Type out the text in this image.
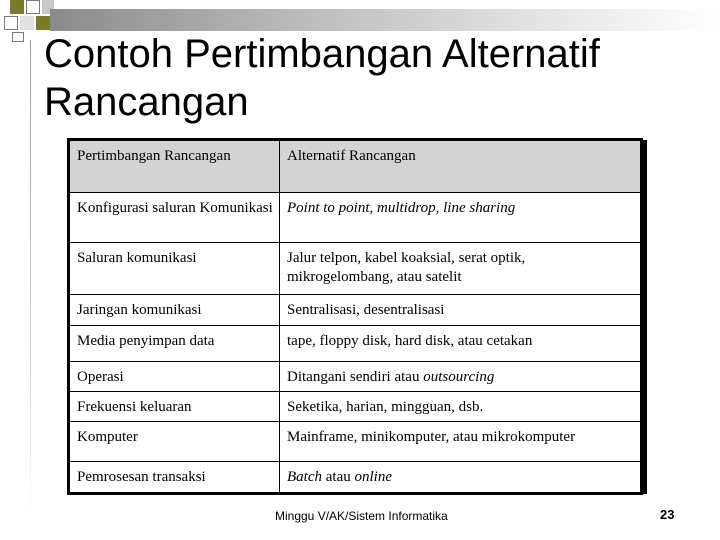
Contoh Pertimbangan Alternatif Rancangan
Pertimbangan Rancangan	Alternatif Rancangan
Konfigurasi saluran Komunikasi	Point to point, multidrop, line sharing
Saluran komunikasi	Jalur telpon, kabel koaksial, serat optik, mikrogelombang, atau satelit
Jaringan komunikasi	Sentralisasi, desentralisasi
Media penyimpan data	tape, floppy disk, hard disk, atau cetakan
Operasi	Ditangani sendiri atau outsourcing
Frekuensi keluaran	Seketika, harian, mingguan, dsb.
Komputer	Mainframe, minikomputer, atau mikrokomputer
Pemrosesan transaksi	Batch atau online
Minggu V/AK/Sistem Informatika	23
